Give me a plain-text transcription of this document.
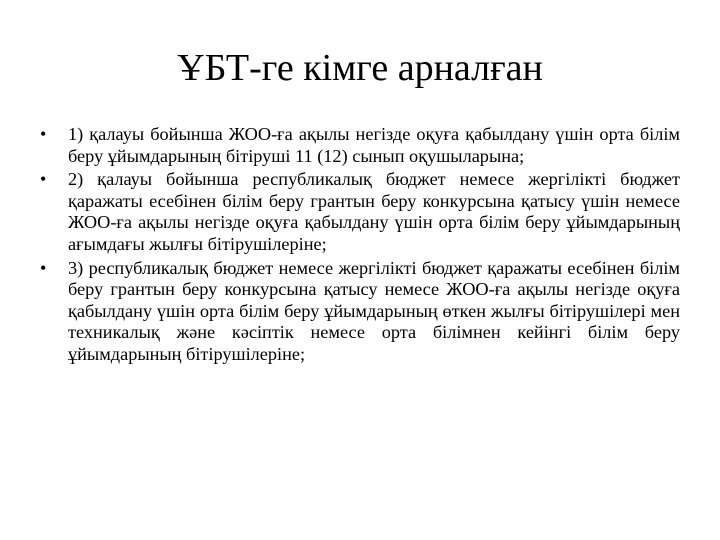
ҰБТ-ге кімге арналған
• 1) қалауы бойынша ЖОО-ға ақылы негізде оқуға қабылдану үшін орта білім беру ұйымдарының бітіруші 11 (12) сынып оқушыларына;
• 2) қалауы бойынша республикалық бюджет немесе жергілікті бюджет қаражаты есебінен білім беру грантын беру конкурсына қатысу үшін немесе ЖОО-ға ақылы негізде оқуға қабылдану үшін орта білім беру ұйымдарының ағымдағы жылғы бітірушілеріне;
• 3) республикалық бюджет немесе жергілікті бюджет қаражаты есебінен білім беру грантын беру конкурсына қатысу немесе ЖОО-ға ақылы негізде оқуға қабылдану үшін орта білім беру ұйымдарының өткен жылғы бітірушілері мен техникалық және кәсіптік немесе орта білімнен кейінгі білім беру ұйымдарының бітірушілеріне;
